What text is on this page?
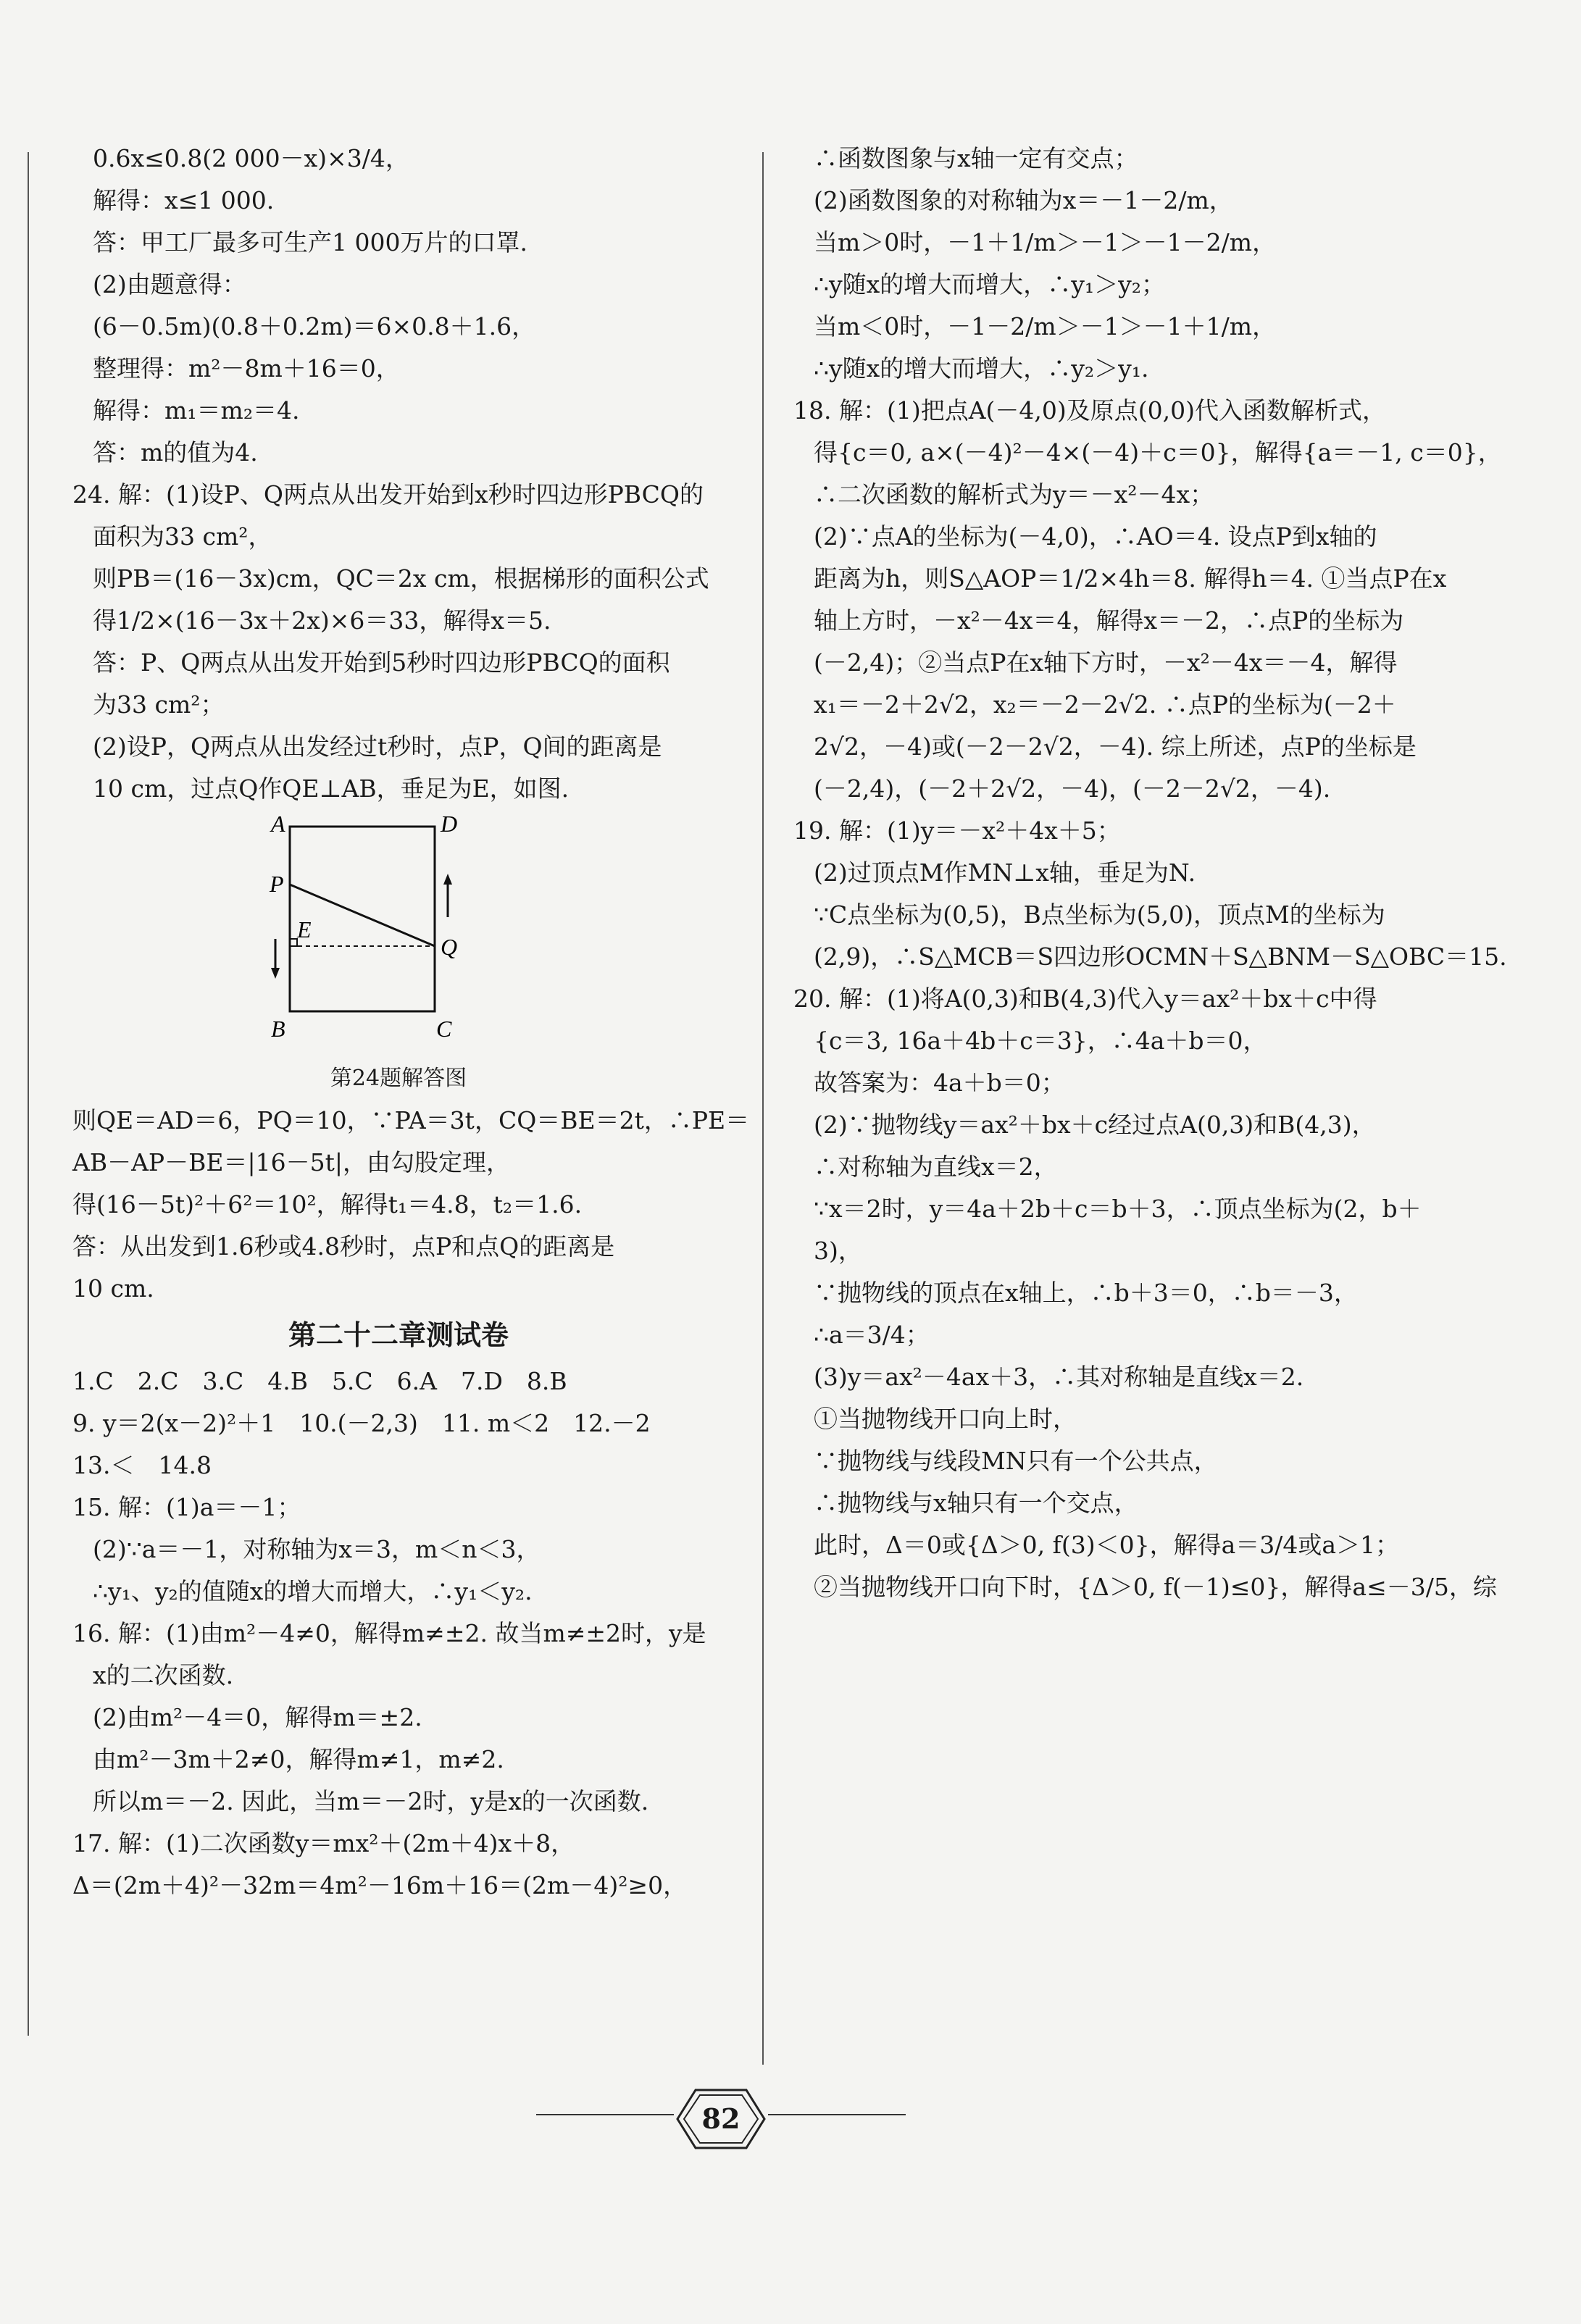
0.6x≤0.8(2 000－x)×3/4，
解得：x≤1 000.
答：甲工厂最多可生产1 000万片的口罩.
(2)由题意得：
(6－0.5m)(0.8＋0.2m)＝6×0.8＋1.6，
整理得：m²－8m＋16＝0，
解得：m₁＝m₂＝4.
答：m的值为4.
24. 解：(1)设P、Q两点从出发开始到x秒时四边形PBCQ的
面积为33 cm²，
则PB＝(16－3x)cm，QC＝2x cm，根据梯形的面积公式
得1/2×(16－3x＋2x)×6＝33，解得x＝5.
答：P、Q两点从出发开始到5秒时四边形PBCQ的面积
为33 cm²；
(2)设P，Q两点从出发经过t秒时，点P，Q间的距离是
10 cm，过点Q作QE⊥AB，垂足为E，如图.
A	D
P
E
Q
B	C
第24题解答图
则QE＝AD＝6，PQ＝10，∵PA＝3t，CQ＝BE＝2t，∴PE＝
AB－AP－BE＝|16－5t|，由勾股定理，
得(16－5t)²＋6²＝10²，解得t₁＝4.8，t₂＝1.6.
答：从出发到1.6秒或4.8秒时，点P和点Q的距离是
10 cm.
第二十二章测试卷
1.C　2.C　3.C　4.B　5.C　6.A　7.D　8.B
9. y＝2(x－2)²＋1　10.(－2,3)　11. m＜2　12.－2
13.＜　14.8
15. 解：(1)a＝－1；
(2)∵a＝－1，对称轴为x＝3，m＜n＜3，
∴y₁、y₂的值随x的增大而增大，∴y₁＜y₂.
16. 解：(1)由m²－4≠0，解得m≠±2. 故当m≠±2时，y是
x的二次函数.
(2)由m²－4＝0，解得m＝±2.
由m²－3m＋2≠0，解得m≠1，m≠2.
所以m＝－2. 因此，当m＝－2时，y是x的一次函数.
17. 解：(1)二次函数y＝mx²＋(2m＋4)x＋8，
Δ＝(2m＋4)²－32m＝4m²－16m＋16＝(2m－4)²≥0，
∴函数图象与x轴一定有交点；
(2)函数图象的对称轴为x＝－1－2/m，
当m＞0时，－1＋1/m＞－1＞－1－2/m，
∴y随x的增大而增大，∴y₁＞y₂；
当m＜0时，－1－2/m＞－1＞－1＋1/m，
∴y随x的增大而增大，∴y₂＞y₁.
18. 解：(1)把点A(－4,0)及原点(0,0)代入函数解析式，
得{c＝0, a×(－4)²－4×(－4)＋c＝0}，解得{a＝－1, c＝0}，
∴二次函数的解析式为y＝－x²－4x；
(2)∵点A的坐标为(－4,0)，∴AO＝4. 设点P到x轴的
距离为h，则S△AOP＝1/2×4h＝8. 解得h＝4. ①当点P在x
轴上方时，－x²－4x＝4，解得x＝－2，∴点P的坐标为
(－2,4)；②当点P在x轴下方时，－x²－4x＝－4，解得
x₁＝－2＋2√2，x₂＝－2－2√2. ∴点P的坐标为(－2＋
2√2，－4)或(－2－2√2，－4). 综上所述，点P的坐标是
(－2,4)，(－2＋2√2，－4)，(－2－2√2，－4).
19. 解：(1)y＝－x²＋4x＋5；
(2)过顶点M作MN⊥x轴，垂足为N.
∵C点坐标为(0,5)，B点坐标为(5,0)，顶点M的坐标为
(2,9)，∴S△MCB＝S四边形OCMN＋S△BNM－S△OBC＝15.
20. 解：(1)将A(0,3)和B(4,3)代入y＝ax²＋bx＋c中得
{c＝3, 16a＋4b＋c＝3}，∴4a＋b＝0，
故答案为：4a＋b＝0；
(2)∵抛物线y＝ax²＋bx＋c经过点A(0,3)和B(4,3)，
∴对称轴为直线x＝2，
∵x＝2时，y＝4a＋2b＋c＝b＋3，∴顶点坐标为(2，b＋
3)，
∵抛物线的顶点在x轴上，∴b＋3＝0，∴b＝－3，
∴a＝3/4；
(3)y＝ax²－4ax＋3，∴其对称轴是直线x＝2.
①当抛物线开口向上时，
∵抛物线与线段MN只有一个公共点，
∴抛物线与x轴只有一个交点，
此时，Δ＝0或{Δ＞0, f(3)＜0}，解得a＝3/4或a＞1；
②当抛物线开口向下时，{Δ＞0, f(－1)≤0}，解得a≤－3/5，综
82
